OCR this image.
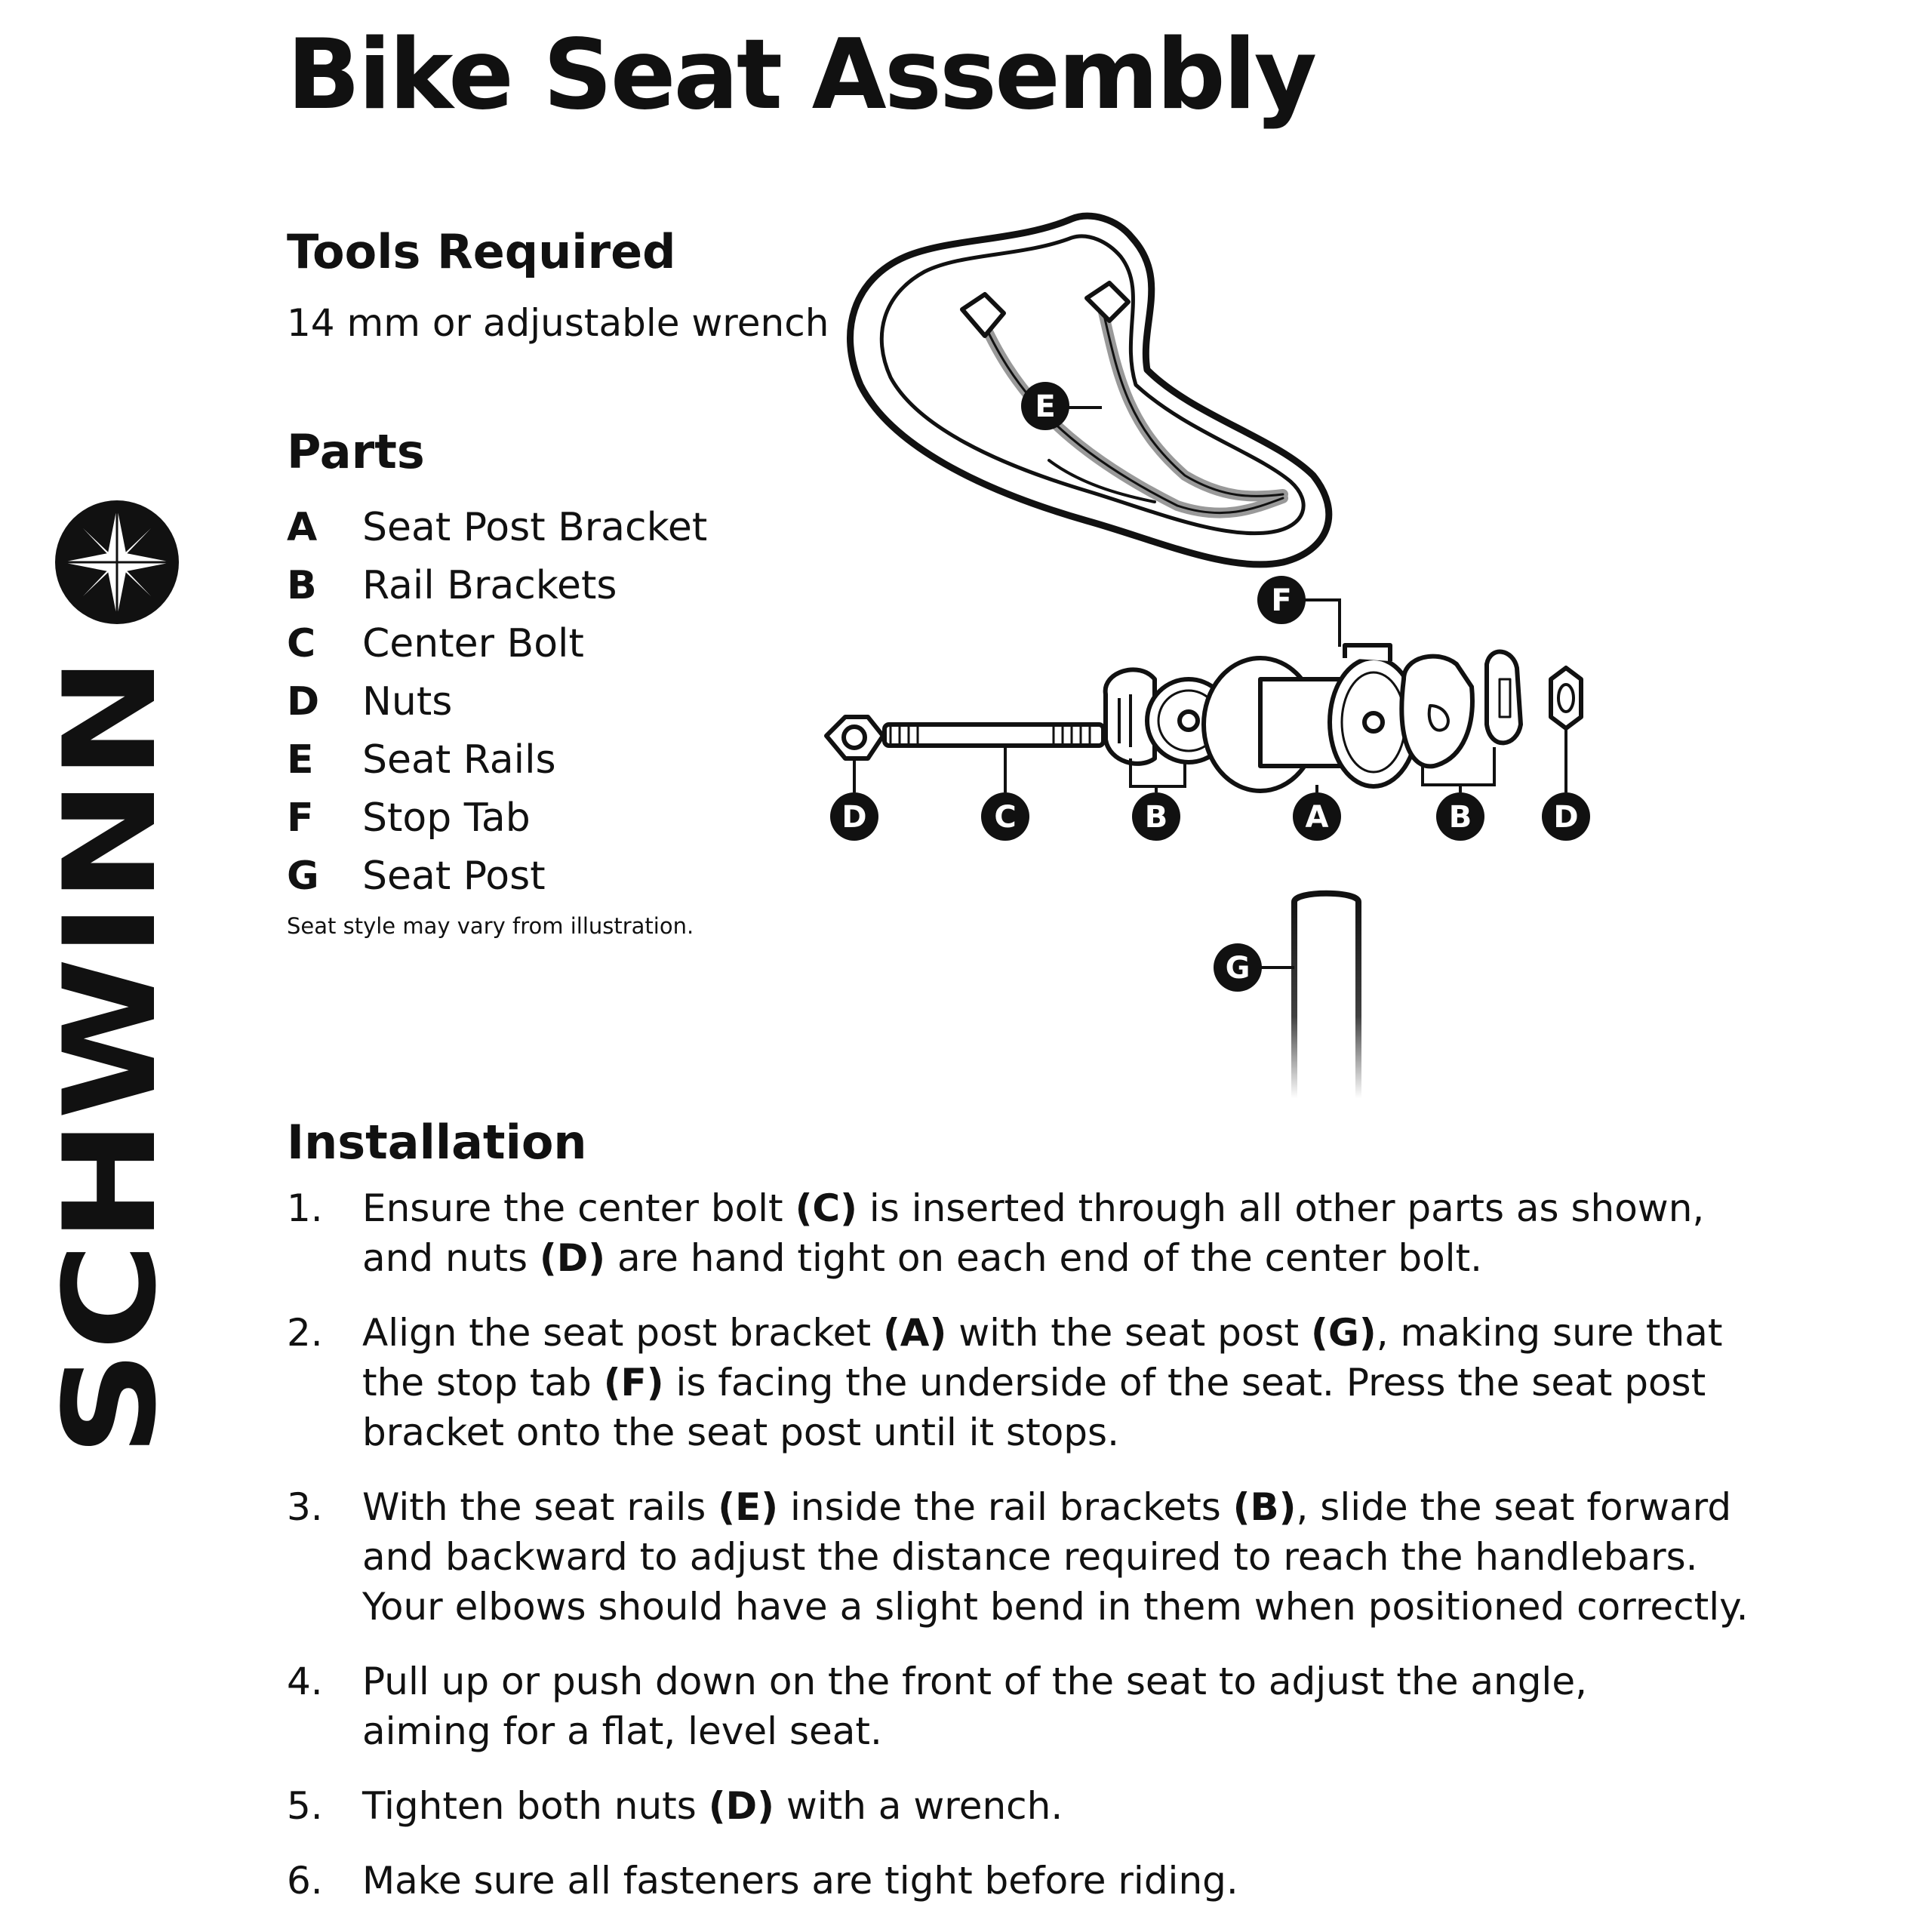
SCHWINN
Bike Seat Assembly
Tools Required
14 mm or adjustable wrench
Parts
A	Seat Post Bracket
B	Rail Brackets
C	Center Bolt
D	Nuts
E	Seat Rails
F	Stop Tab
G	Seat Post
Seat style may vary from illustration.
E
D	C	B	A	B	D
F
G
Installation
1.	Ensure the center bolt (C) is inserted through all other parts as shown,
and nuts (D) are hand tight on each end of the center bolt.
2.	Align the seat post bracket (A) with the seat post (G), making sure that
the stop tab (F) is facing the underside of the seat. Press the seat post
bracket onto the seat post until it stops.
3.	With the seat rails (E) inside the rail brackets (B), slide the seat forward
and backward to adjust the distance required to reach the handlebars.
Your elbows should have a slight bend in them when positioned correctly.
4.	Pull up or push down on the front of the seat to adjust the angle,
aiming for a flat, level seat.
5.	Tighten both nuts (D) with a wrench.
6.	Make sure all fasteners are tight before riding.
